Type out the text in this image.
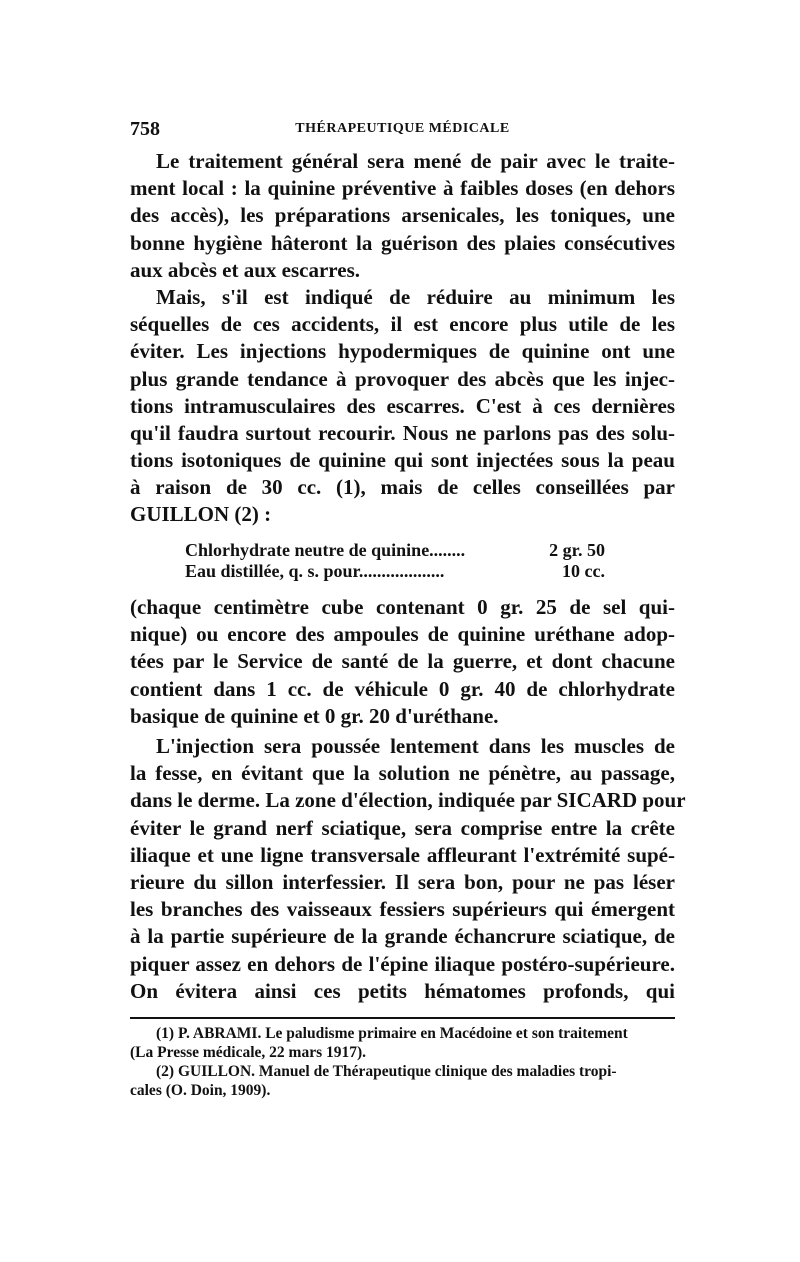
758	THÉRAPEUTIQUE MÉDICALE
Le traitement général sera mené de pair avec le traite-
ment local : la quinine préventive à faibles doses (en dehors
des accès), les préparations arsenicales, les toniques, une
bonne hygiène hâteront la guérison des plaies consécutives
aux abcès et aux escarres.
Mais, s'il est indiqué de réduire au minimum les
séquelles de ces accidents, il est encore plus utile de les
éviter. Les injections hypodermiques de quinine ont une
plus grande tendance à provoquer des abcès que les injec-
tions intramusculaires des escarres. C'est à ces dernières
qu'il faudra surtout recourir. Nous ne parlons pas des solu-
tions isotoniques de quinine qui sont injectées sous la peau
à raison de 30 cc. (1), mais de celles conseillées par
GUILLON (2) :
Chlorhydrate neutre de quinine........	2 gr. 50
Eau distillée, q. s. pour...................	10 cc.
(chaque centimètre cube contenant 0 gr. 25 de sel qui-
nique) ou encore des ampoules de quinine uréthane adop-
tées par le Service de santé de la guerre, et dont chacune
contient dans 1 cc. de véhicule 0 gr. 40 de chlorhydrate
basique de quinine et 0 gr. 20 d'uréthane.
L'injection sera poussée lentement dans les muscles de
la fesse, en évitant que la solution ne pénètre, au passage,
dans le derme. La zone d'élection, indiquée par SICARD pour
éviter le grand nerf sciatique, sera comprise entre la crête
iliaque et une ligne transversale affleurant l'extrémité supé-
rieure du sillon interfessier. Il sera bon, pour ne pas léser
les branches des vaisseaux fessiers supérieurs qui émergent
à la partie supérieure de la grande échancrure sciatique, de
piquer assez en dehors de l'épine iliaque postéro-supérieure.
On évitera ainsi ces petits hématomes profonds, qui
(1) P. ABRAMI. Le paludisme primaire en Macédoine et son traitement
(La Presse médicale, 22 mars 1917).
(2) GUILLON. Manuel de Thérapeutique clinique des maladies tropi-
cales (O. Doin, 1909).
